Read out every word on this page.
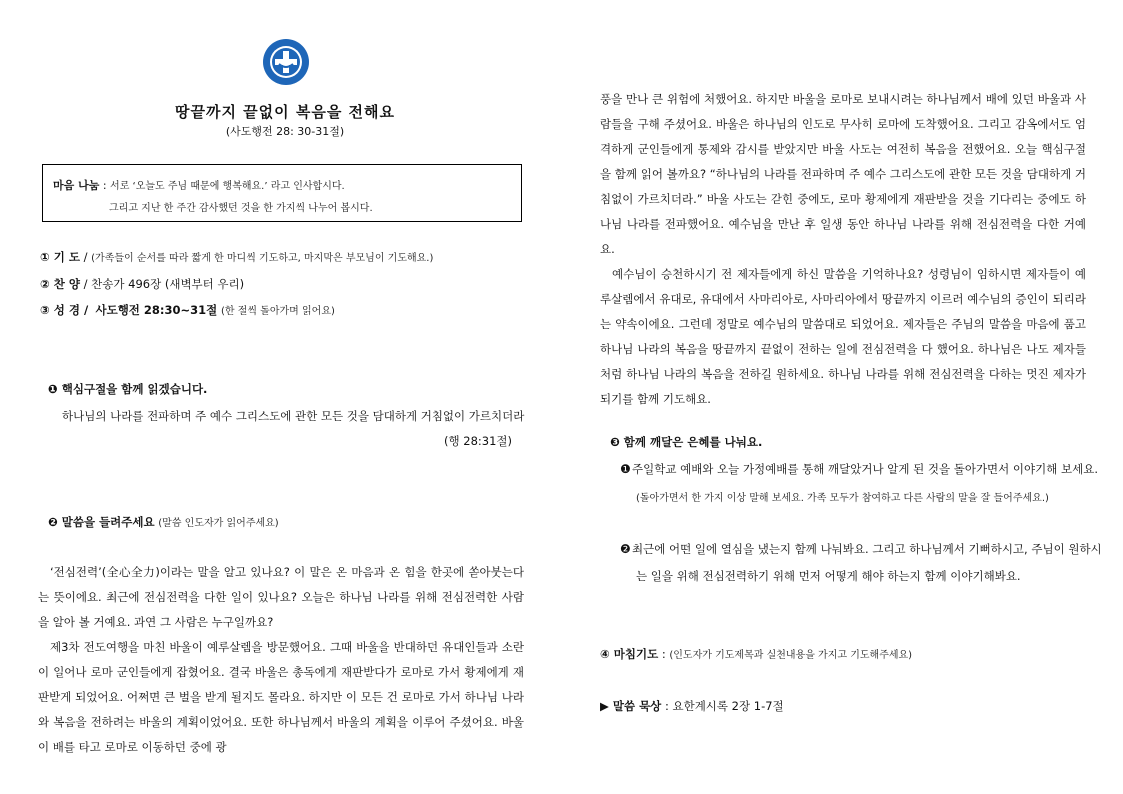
땅끝까지 끝없이 복음을 전해요
(사도행전 28: 30-31절)
마음 나눔 : 서로 ‘오늘도 주님 때문에 행복해요.’ 라고 인사합시다.
그리고 지난 한 주간 감사했던 것을 한 가지씩 나누어 봅시다.
① 기 도 / (가족들이 순서를 따라 짧게 한 마디씩 기도하고, 마지막은 부모님이 기도해요.)
② 찬 양 / 찬송가 496장 (새벽부터 우리)
③ 성 경 / 사도행전 28:30~31절 (한 절씩 돌아가며 읽어요)
❶ 핵심구절을 함께 읽겠습니다.
하나님의 나라를 전파하며 주 예수 그리스도에 관한 모든 것을 담대하게 거침없이 가르치더라
(행 28:31절)
❷ 말씀을 들려주세요 (말씀 인도자가 읽어주세요)

‘전심전력’(全心全力)이라는 말을 알고 있나요? 이 말은 온 마음과 온 힘을 한곳에 쏟아붓는다는 뜻이에요. 최근에 전심전력을 다한 일이 있나요? 오늘은 하나님 나라를 위해 전심전력한 사람을 알아 볼 거예요. 과연 그 사람은 누구일까요?

제3차 전도여행을 마친 바울이 예루살렘을 방문했어요. 그때 바울을 반대하던 유대인들과 소란이 일어나 로마 군인들에게 잡혔어요. 결국 바울은 총독에게 재판받다가 로마로 가서 황제에게 재판받게 되었어요. 어쩌면 큰 벌을 받게 될지도 몰라요. 하지만 이 모든 건 로마로 가서 하나님 나라와 복음을 전하려는 바울의 계획이었어요. 또한 하나님께서 바울의 계획을 이루어 주셨어요. 바울이 배를 타고 로마로 이동하던 중에 광

풍을 만나 큰 위험에 처했어요. 하지만 바울을 로마로 보내시려는 하나님께서 배에 있던 바울과 사람들을 구해 주셨어요. 바울은 하나님의 인도로 무사히 로마에 도착했어요. 그리고 감옥에서도 엄격하게 군인들에게 통제와 감시를 받았지만 바울 사도는 여전히 복음을 전했어요. 오늘 핵심구절을 함께 읽어 볼까요? “하나님의 나라를 전파하며 주 예수 그리스도에 관한 모든 것을 담대하게 거침없이 가르치더라.” 바울 사도는 갇힌 중에도, 로마 황제에게 재판받을 것을 기다리는 중에도 하나님 나라를 전파했어요. 예수님을 만난 후 일생 동안 하나님 나라를 위해 전심전력을 다한 거예요.

예수님이 승천하시기 전 제자들에게 하신 말씀을 기억하나요? 성령님이 임하시면 제자들이 예루살렘에서 유대로, 유대에서 사마리아로, 사마리아에서 땅끝까지 이르러 예수님의 증인이 되리라는 약속이에요. 그런데 정말로 예수님의 말씀대로 되었어요. 제자들은 주님의 말씀을 마음에 품고 하나님 나라의 복음을 땅끝까지 끝없이 전하는 일에 전심전력을 다 했어요. 하나님은 나도 제자들처럼 하나님 나라의 복음을 전하길 원하세요. 하나님 나라를 위해 전심전력을 다하는 멋진 제자가 되기를 함께 기도해요.

❸ 함께 깨달은 은혜를 나눠요.
❶주일학교 예배와 오늘 가정예배를 통해 깨달았거나 알게 된 것을 돌아가면서 이야기해 보세요.
(돌아가면서 한 가지 이상 말해 보세요. 가족 모두가 참여하고 다른 사람의 말을 잘 들어주세요.)
❷최근에 어떤 일에 열심을 냈는지 함께 나눠봐요. 그리고 하나님께서 기뻐하시고, 주님이 원하시
는 일을 위해 전심전력하기 위해 먼저 어떻게 해야 하는지 함께 이야기해봐요.
④ 마침기도 : (인도자가 기도제목과 실천내용을 가지고 기도해주세요)
▶ 말씀 묵상 : 요한계시록 2장 1-7절
